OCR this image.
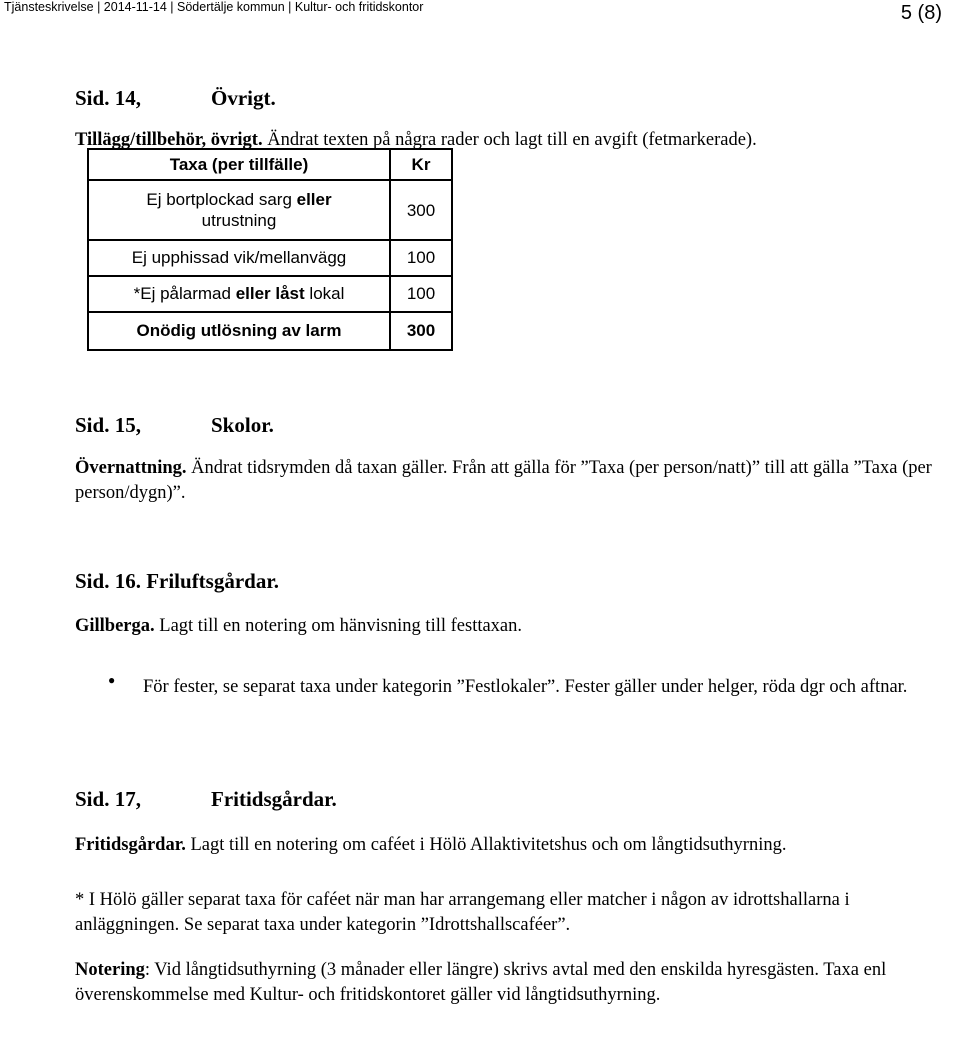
Tjänsteskrivelse | 2014-11-14 | Södertälje kommun | Kultur- och fritidskontor	5 (8)
Sid. 14,	Övrigt.

Tillägg/tillbehör, övrigt. Ändrat texten på några rader och lagt till en avgift (fetmarkerade).

Taxa (per tillfälle)	Kr
Ej bortplockad sarg eller
utrustning	300
Ej upphissad vik/mellanvägg	100
*Ej pålarmad eller låst lokal	100
Onödig utlösning av larm	300
Sid. 15,	Skolor.

Övernattning. Ändrat tidsrymden då taxan gäller. Från att gälla för ”Taxa (per person/natt)” till att gälla ”Taxa (per person/dygn)”.

Sid. 16. Friluftsgårdar.

Gillberga. Lagt till en notering om hänvisning till festtaxan.

● För fester, se separat taxa under kategorin ”Festlokaler”. Fester gäller under helger, röda dgr och aftnar.

Sid. 17,	Fritidsgårdar.

Fritidsgårdar. Lagt till en notering om caféet i Hölö Allaktivitetshus och om långtidsuthyrning.

* I Hölö gäller separat taxa för caféet när man har arrangemang eller matcher i någon av idrottshallarna i anläggningen. Se separat taxa under kategorin ”Idrottshallscaféer”.

Notering: Vid långtidsuthyrning (3 månader eller längre) skrivs avtal med den enskilda hyresgästen. Taxa enl överenskommelse med Kultur- och fritidskontoret gäller vid långtidsuthyrning.
